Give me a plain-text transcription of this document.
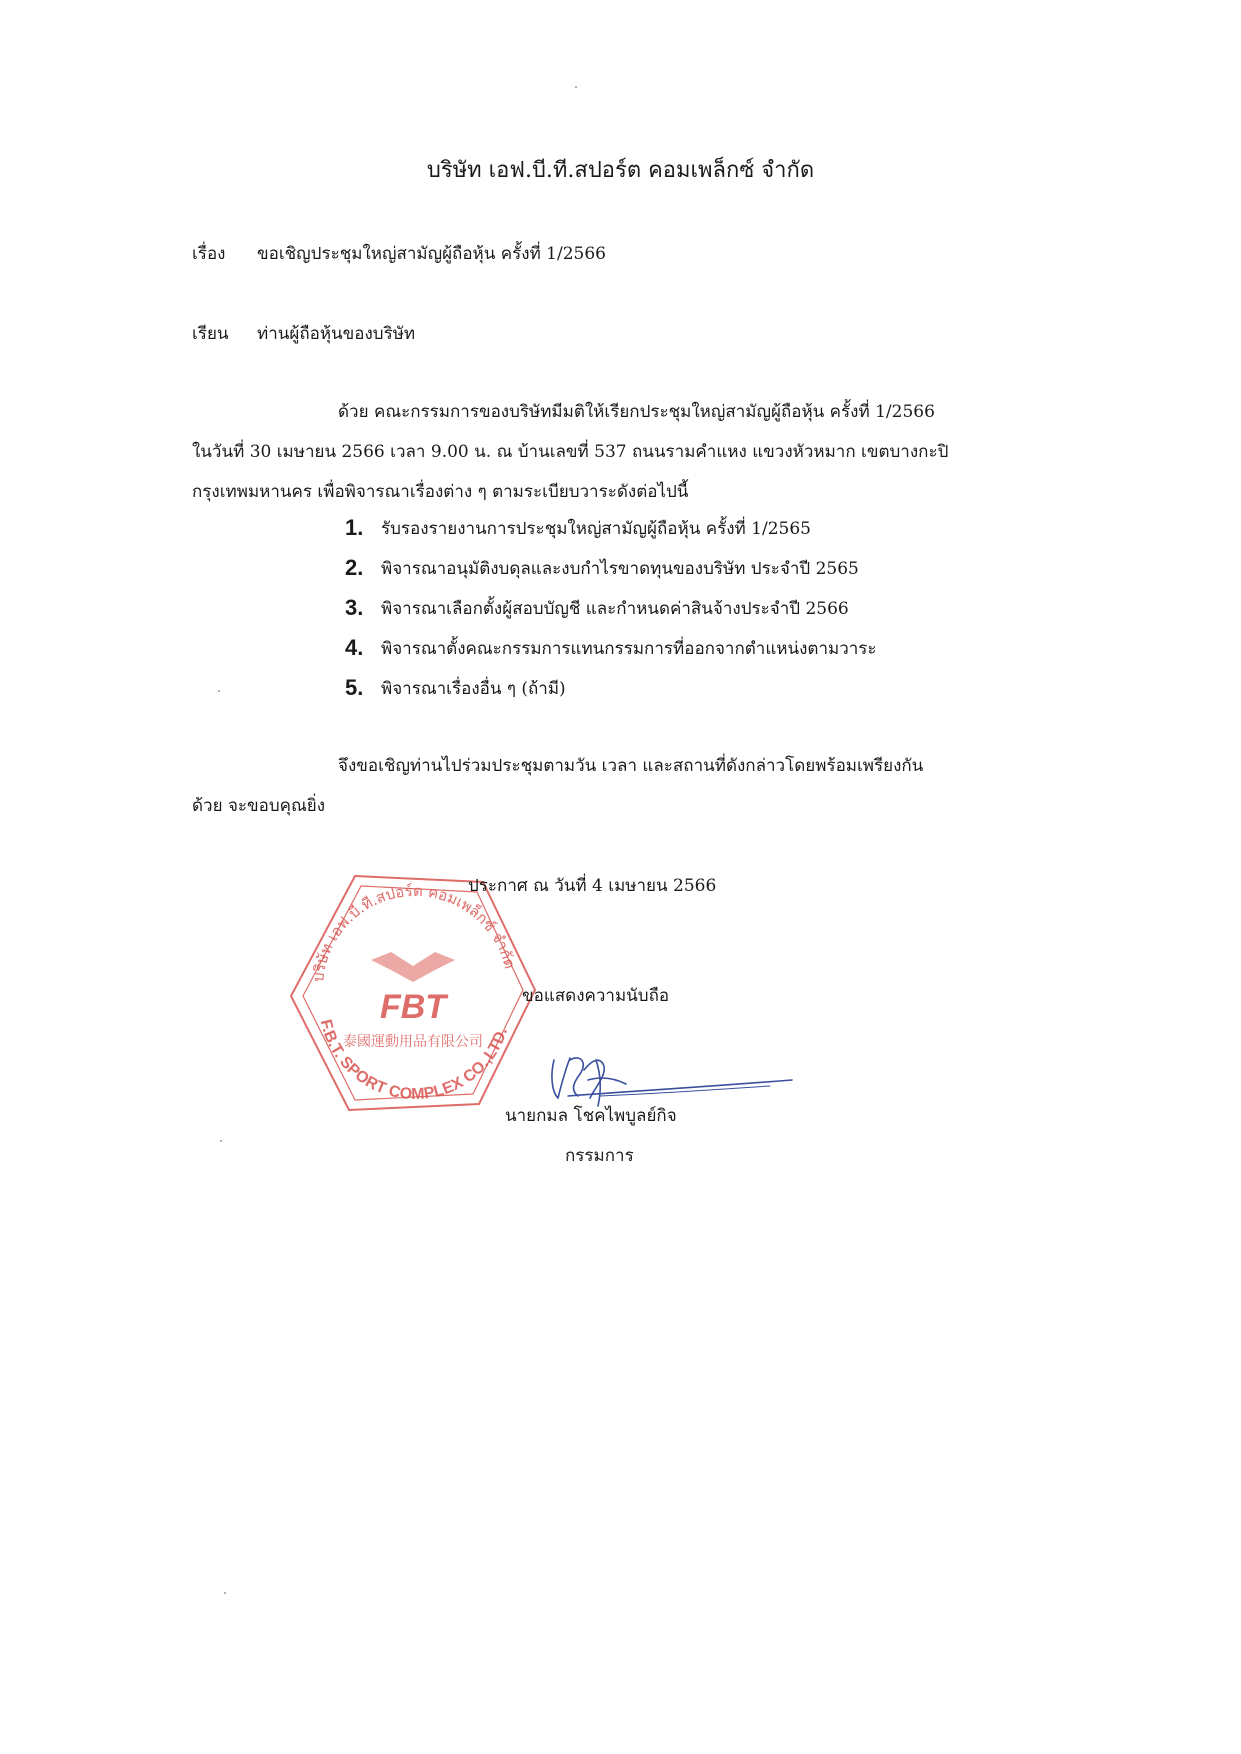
บริษัท เอฟ.บี.ที.สปอร์ต คอมเพล็กซ์ จำกัด
เรื่อง ขอเชิญประชุมใหญ่สามัญผู้ถือหุ้น ครั้งที่ 1/2566
เรียน ท่านผู้ถือหุ้นของบริษัท
ด้วย คณะกรรมการของบริษัทมีมติให้เรียกประชุมใหญ่สามัญผู้ถือหุ้น ครั้งที่ 1/2566
ในวันที่ 30 เมษายน 2566 เวลา 9.00 น. ณ บ้านเลขที่ 537 ถนนรามคำแหง แขวงหัวหมาก เขตบางกะปิ
กรุงเทพมหานคร เพื่อพิจารณาเรื่องต่าง ๆ ตามระเบียบวาระดังต่อไปนี้
1.	รับรองรายงานการประชุมใหญ่สามัญผู้ถือหุ้น ครั้งที่ 1/2565
2.	พิจารณาอนุมัติงบดุลและงบกำไรขาดทุนของบริษัท ประจำปี 2565
3.	พิจารณาเลือกตั้งผู้สอบบัญชี และกำหนดค่าสินจ้างประจำปี 2566
4.	พิจารณาตั้งคณะกรรมการแทนกรรมการที่ออกจากตำแหน่งตามวาระ
5.	พิจารณาเรื่องอื่น ๆ (ถ้ามี)
จึงขอเชิญท่านไปร่วมประชุมตามวัน เวลา และสถานที่ดังกล่าวโดยพร้อมเพรียงกัน
ด้วย จะขอบคุณยิ่ง
บริษัท เอฟ.บี.ที.สปอร์ต คอมเพล็กซ์ จำกัด
F.B.T. SPORT COMPLEX CO.,LTD.
FBT
泰國運動用品有限公司
ประกาศ ณ วันที่ 4 เมษายน 2566
ขอแสดงความนับถือ
นายกมล โชคไพบูลย์กิจ
กรรมการ
